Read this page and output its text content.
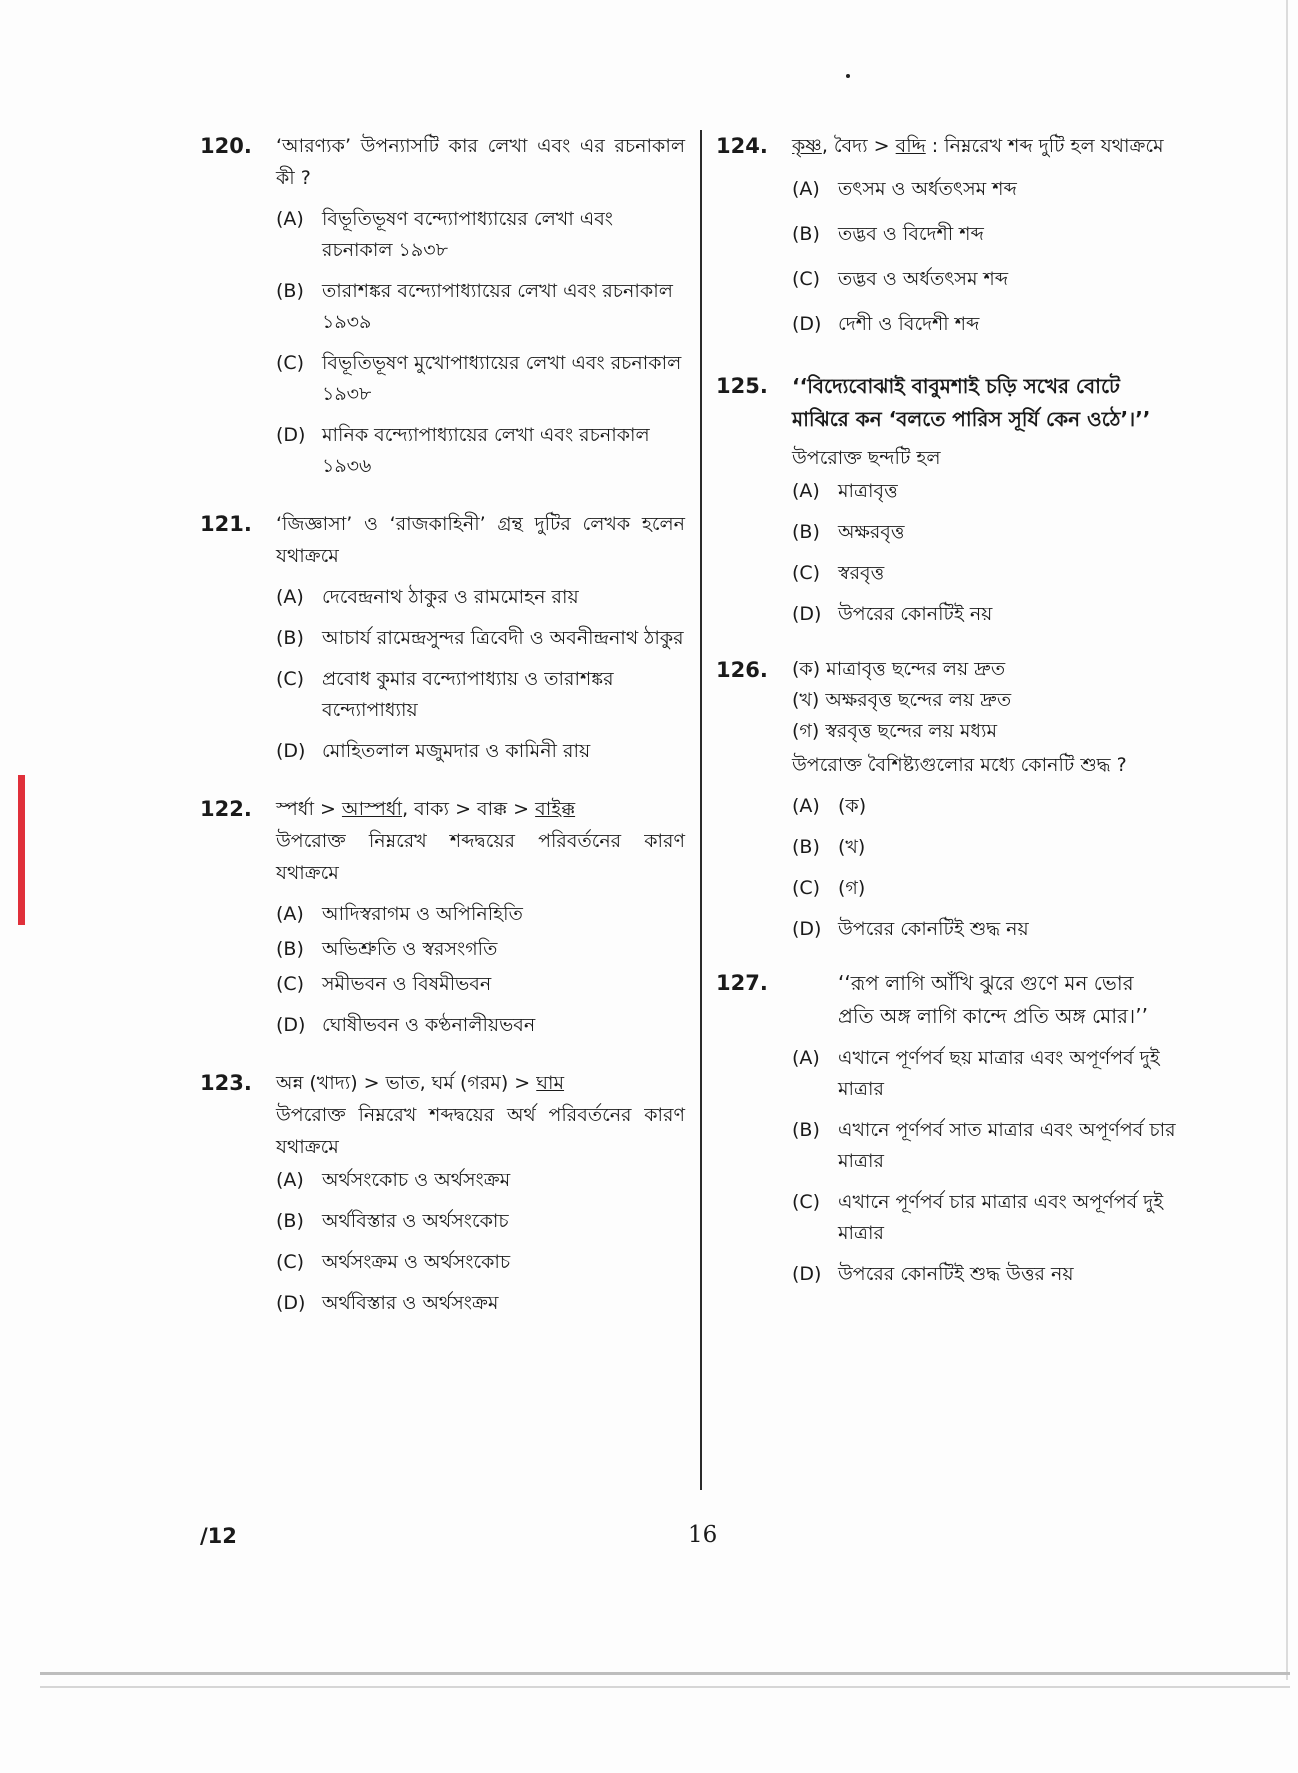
120. ‘আরণ্যক’ উপন্যাসটি কার লেখা এবং এর রচনাকাল কী ?
(A) বিভূতিভূষণ বন্দ্যোপাধ্যায়ের লেখা এবং রচনাকাল ১৯৩৮
(B) তারাশঙ্কর বন্দ্যোপাধ্যায়ের লেখা এবং রচনাকাল ১৯৩৯
(C) বিভূতিভূষণ মুখোপাধ্যায়ের লেখা এবং রচনাকাল ১৯৩৮
(D) মানিক বন্দ্যোপাধ্যায়ের লেখা এবং রচনাকাল ১৯৩৬
121. ‘জিজ্ঞাসা’ ও ‘রাজকাহিনী’ গ্রন্থ দুটির লেখক হলেন যথাক্রমে
(A) দেবেন্দ্রনাথ ঠাকুর ও রামমোহন রায়
(B) আচার্য রামেন্দ্রসুন্দর ত্রিবেদী ও অবনীন্দ্রনাথ ঠাকুর
(C) প্রবোধ কুমার বন্দ্যোপাধ্যায় ও তারাশঙ্কর বন্দ্যোপাধ্যায়
(D) মোহিতলাল মজুমদার ও কামিনী রায়
122. স্পর্ধা > আস্পর্ধা, বাক্য > বাক্ক > বাইক্ক
উপরোক্ত নিম্নরেখ শব্দদ্বয়ের পরিবর্তনের কারণ যথাক্রমে
(A) আদিস্বরাগম ও অপিনিহিতি
(B) অভিশ্রুতি ও স্বরসংগতি
(C) সমীভবন ও বিষমীভবন
(D) ঘোষীভবন ও কণ্ঠনালীয়ভবন
123. অন্ন (খাদ্য) > ভাত, ঘর্ম (গরম) > ঘাম
উপরোক্ত নিম্নরেখ শব্দদ্বয়ের অর্থ পরিবর্তনের কারণ যথাক্রমে
(A) অর্থসংকোচ ও অর্থসংক্রম
(B) অর্থবিস্তার ও অর্থসংকোচ
(C) অর্থসংক্রম ও অর্থসংকোচ
(D) অর্থবিস্তার ও অর্থসংক্রম
124. কৃষ্ণ, বৈদ্য > বদ্দি : নিম্নরেখ শব্দ দুটি হল যথাক্রমে
(A) তৎসম ও অর্ধতৎসম শব্দ
(B) তদ্ভব ও বিদেশী শব্দ
(C) তদ্ভব ও অর্ধতৎসম শব্দ
(D) দেশী ও বিদেশী শব্দ
125. ‘‘বিদ্যেবোঝাই বাবুমশাই চড়ি সখের বোটে
মাঝিরে কন ‘বলতে পারিস সূর্যি কেন ওঠে’।’’
উপরোক্ত ছন্দটি হল
(A) মাত্রাবৃত্ত
(B) অক্ষরবৃত্ত
(C) স্বরবৃত্ত
(D) উপরের কোনটিই নয়
126. (ক) মাত্রাবৃত্ত ছন্দের লয় দ্রুত
(খ) অক্ষরবৃত্ত ছন্দের লয় দ্রুত
(গ) স্বরবৃত্ত ছন্দের লয় মধ্যম
উপরোক্ত বৈশিষ্ট্যগুলোর মধ্যে কোনটি শুদ্ধ ?
(A) (ক)
(B) (খ)
(C) (গ)
(D) উপরের কোনটিই শুদ্ধ নয়
127.	‘‘রূপ লাগি আঁখি ঝুরে গুণে মন ভোর
প্রতি অঙ্গ লাগি কান্দে প্রতি অঙ্গ মোর।’’
(A) এখানে পূর্ণপর্ব ছয় মাত্রার এবং অপূর্ণপর্ব দুই মাত্রার
(B) এখানে পূর্ণপর্ব সাত মাত্রার এবং অপূর্ণপর্ব চার মাত্রার
(C) এখানে পূর্ণপর্ব চার মাত্রার এবং অপূর্ণপর্ব দুই মাত্রার
(D) উপরের কোনটিই শুদ্ধ উত্তর নয়
/12	16
